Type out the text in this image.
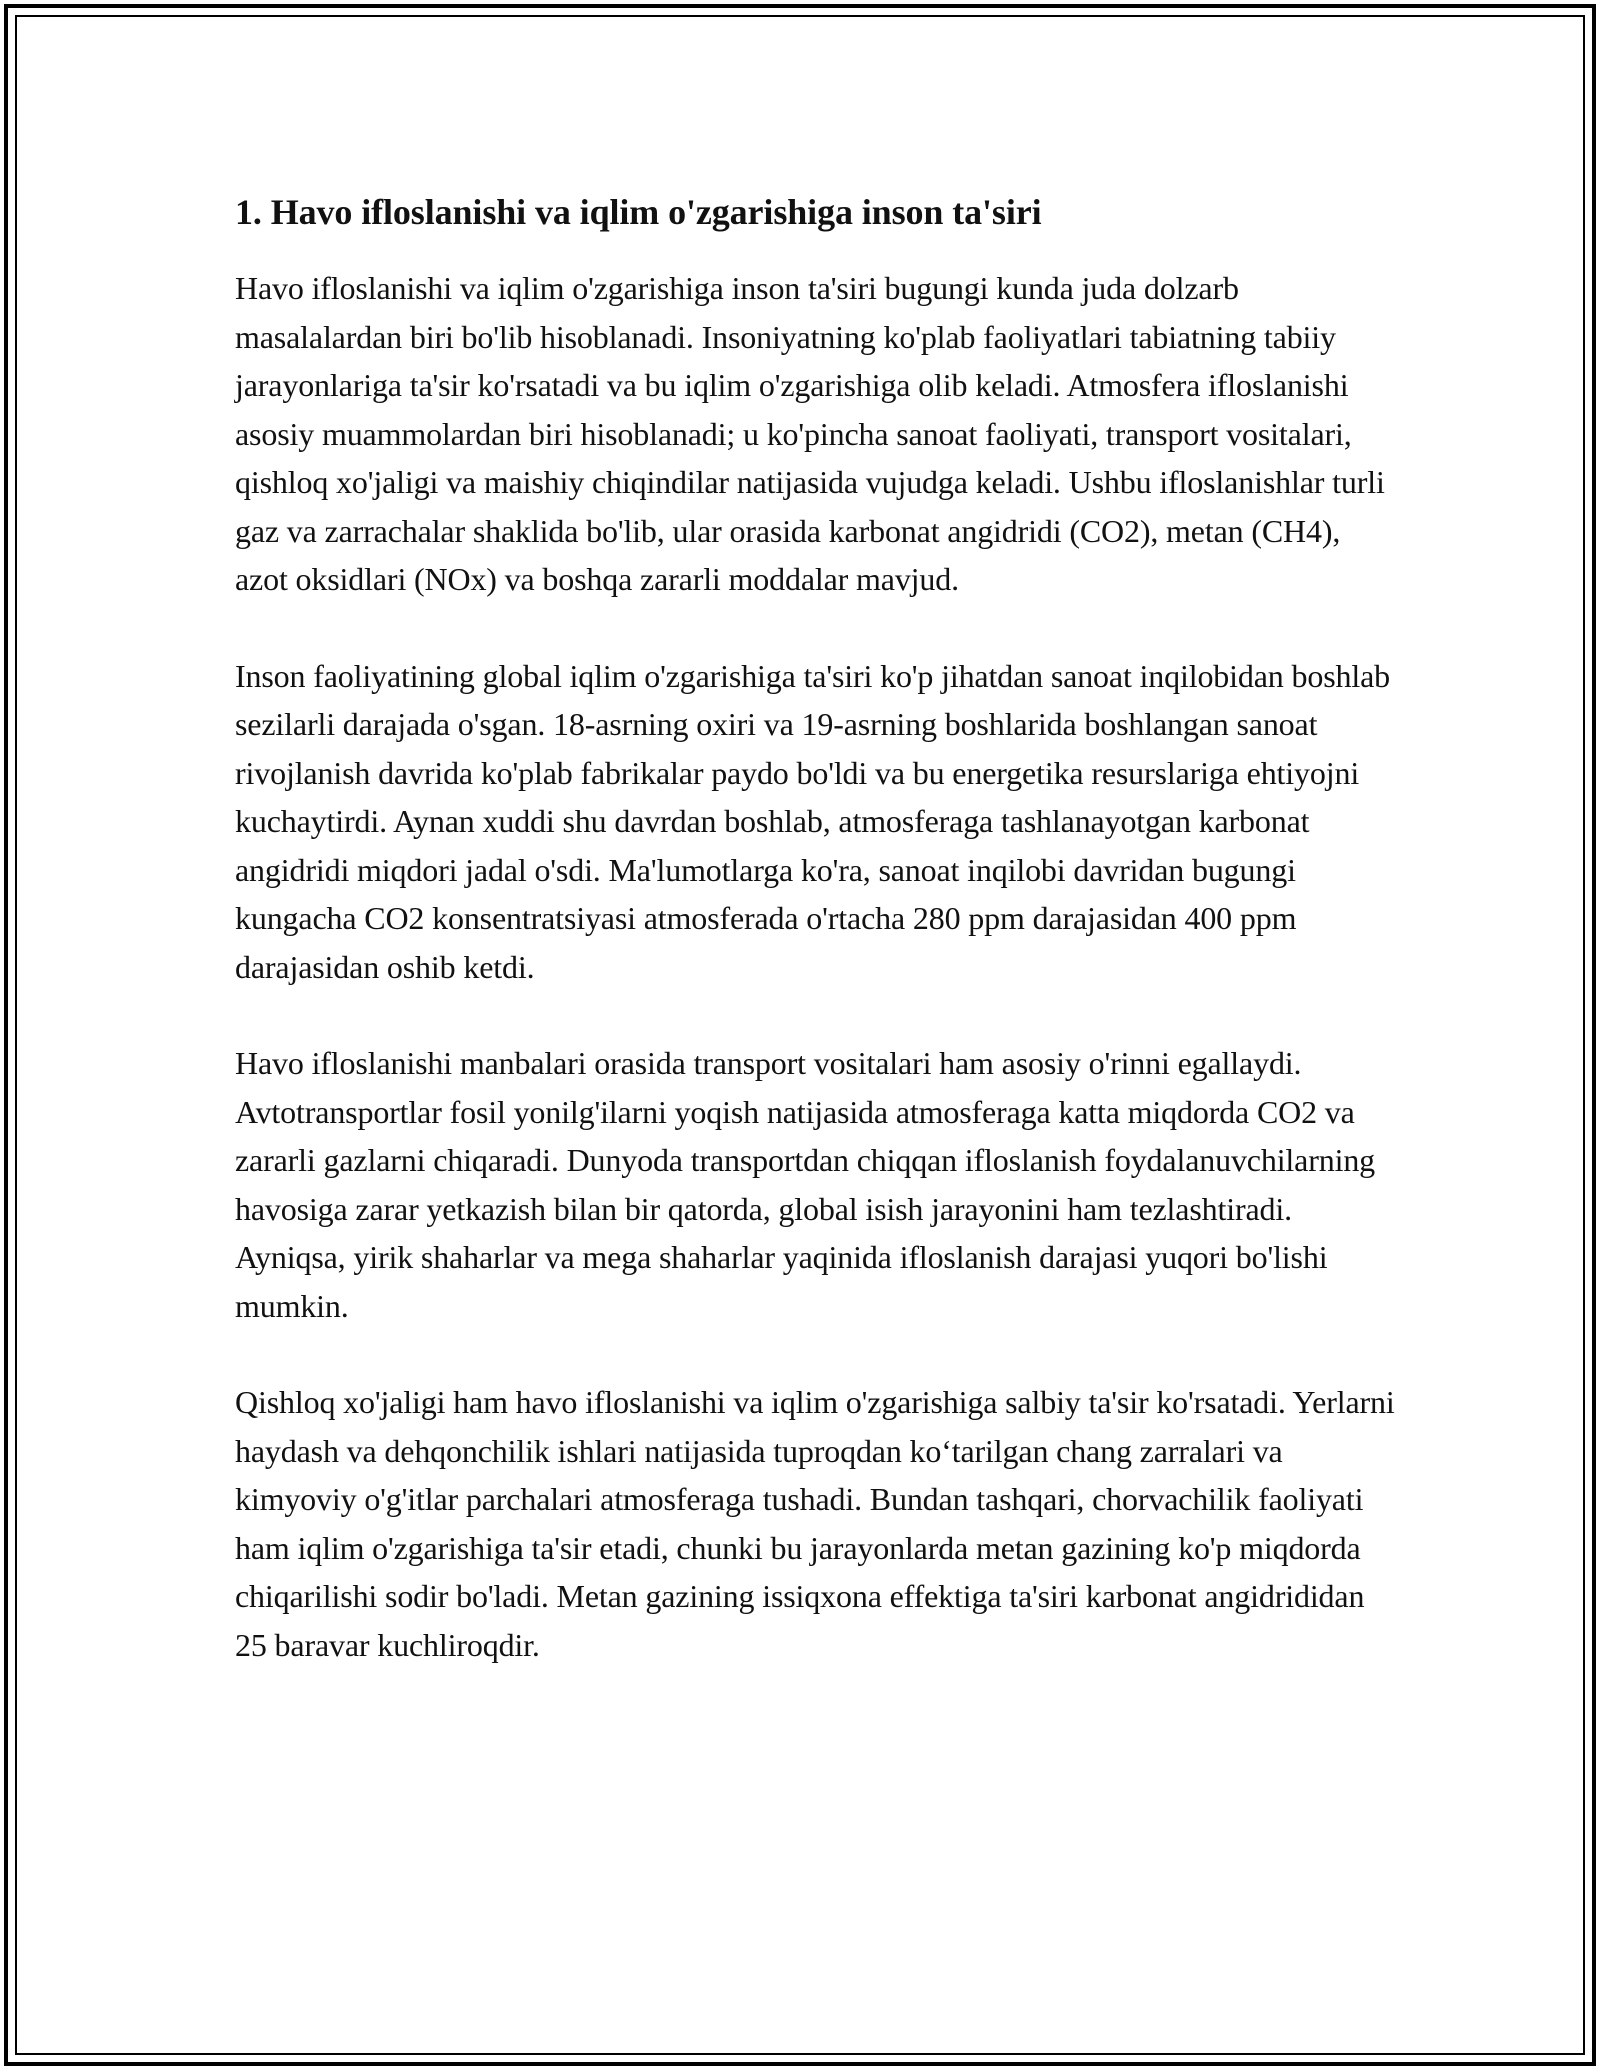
1. Havo ifloslanishi va iqlim o'zgarishiga inson ta'siri

Havo ifloslanishi va iqlim o'zgarishiga inson ta'siri bugungi kunda juda dolzarb masalalardan biri bo'lib hisoblanadi. Insoniyatning ko'plab faoliyatlari tabiatning tabiiy jarayonlariga ta'sir ko'rsatadi va bu iqlim o'zgarishiga olib keladi. Atmosfera ifloslanishi asosiy muammolardan biri hisoblanadi; u ko'pincha sanoat faoliyati, transport vositalari, qishloq xo'jaligi va maishiy chiqindilar natijasida vujudga keladi. Ushbu ifloslanishlar turli gaz va zarrachalar shaklida bo'lib, ular orasida karbonat angidridi (CO2), metan (CH4), azot oksidlari (NOx) va boshqa zararli moddalar mavjud.

Inson faoliyatining global iqlim o'zgarishiga ta'siri ko'p jihatdan sanoat inqilobidan boshlab sezilarli darajada o'sgan. 18-asrning oxiri va 19-asrning boshlarida boshlangan sanoat rivojlanish davrida ko'plab fabrikalar paydo bo'ldi va bu energetika resurslariga ehtiyojni kuchaytirdi. Aynan xuddi shu davrdan boshlab, atmosferaga tashlanayotgan karbonat angidridi miqdori jadal o'sdi. Ma'lumotlarga ko'ra, sanoat inqilobi davridan bugungi kungacha CO2 konsentratsiyasi atmosferada o'rtacha 280 ppm darajasidan 400 ppm darajasidan oshib ketdi.

Havo ifloslanishi manbalari orasida transport vositalari ham asosiy o'rinni egallaydi. Avtotransportlar fosil yonilg'ilarni yoqish natijasida atmosferaga katta miqdorda CO2 va zararli gazlarni chiqaradi. Dunyoda transportdan chiqqan ifloslanish foydalanuvchilarning havosiga zarar yetkazish bilan bir qatorda, global isish jarayonini ham tezlashtiradi. Ayniqsa, yirik shaharlar va mega shaharlar yaqinida ifloslanish darajasi yuqori bo'lishi mumkin.

Qishloq xo'jaligi ham havo ifloslanishi va iqlim o'zgarishiga salbiy ta'sir ko'rsatadi. Yerlarni haydash va dehqonchilik ishlari natijasida tuproqdan ko‘tarilgan chang zarralari va kimyoviy o'g'itlar parchalari atmosferaga tushadi. Bundan tashqari, chorvachilik faoliyati ham iqlim o'zgarishiga ta'sir etadi, chunki bu jarayonlarda metan gazining ko'p miqdorda chiqarilishi sodir bo'ladi. Metan gazining issiqxona effektiga ta'siri karbonat angidrididan 25 baravar kuchliroqdir.
